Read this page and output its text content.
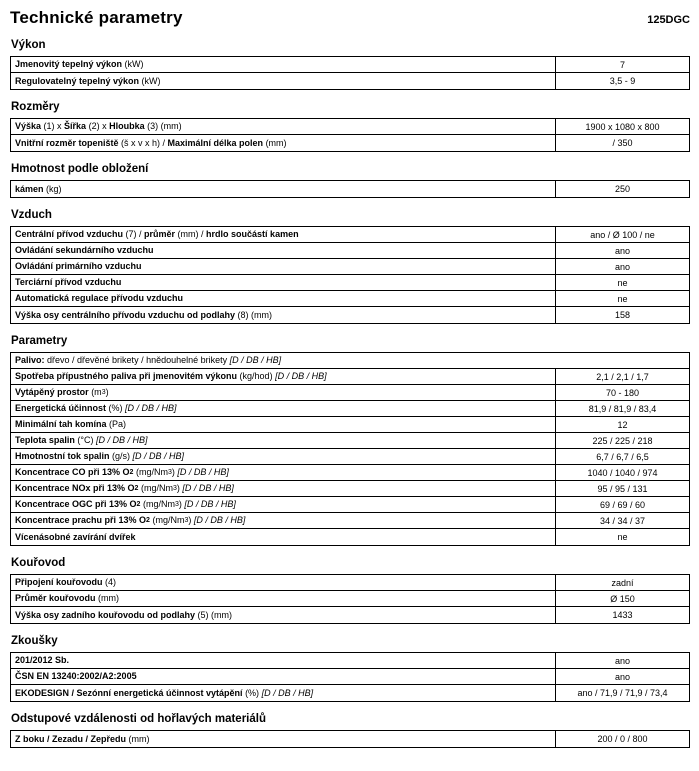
Technické parametry	125DGC
Výkon
Jmenovitý tepelný výkon (kW)	7
Regulovatelný tepelný výkon (kW)	3,5 - 9
Rozměry
Výška (1) x Šířka (2) x Hloubka (3) (mm)	1900 x 1080 x 800
Vnitřní rozměr topeniště (š x v x h) / Maximální délka polen (mm)	/ 350
Hmotnost podle obložení
kámen (kg)	250
Vzduch
Centrální přívod vzduchu (7) / průměr (mm) / hrdlo součástí kamen	ano / Ø 100 / ne
Ovládání sekundárního vzduchu	ano
Ovládání primárního vzduchu	ano
Terciární přívod vzduchu	ne
Automatická regulace přívodu vzduchu	ne
Výška osy centrálního přívodu vzduchu od podlahy (8) (mm)	158
Parametry
Palivo: dřevo / dřevěné brikety / hnědouhelné brikety [D / DB / HB]
Spotřeba přípustného paliva při jmenovitém výkonu (kg/hod) [D / DB / HB]	2,1 / 2,1 / 1,7
Vytápěný prostor (m 3 )	70 - 180
Energetická účinnost (%) [D / DB / HB]	81,9 / 81,9 / 83,4
Minimální tah komína (Pa)	12
Teplota spalin (°C) [D / DB / HB]	225 / 225 / 218
Hmotnostní tok spalin (g/s) [D / DB / HB]	6,7 / 6,7 / 6,5
Koncentrace CO při 13% O 2 (mg/Nm 3 ) [D / DB / HB]	1040 / 1040 / 974
Koncentrace NOx při 13% O 2 (mg/Nm 3 ) [D / DB / HB]	95 / 95 / 131
Koncentrace OGC při 13% O 2 (mg/Nm 3 ) [D / DB / HB]	69 / 69 / 60
Koncentrace prachu při 13% O 2 (mg/Nm 3 ) [D / DB / HB]	34 / 34 / 37
Vícenásobné zavírání dvířek	ne
Kouřovod
Připojení kouřovodu (4)	zadní
Průměr kouřovodu (mm)	Ø 150
Výška osy zadního kouřovodu od podlahy (5) (mm)	1433
Zkoušky
201/2012 Sb.	ano
ČSN EN 13240:2002/A2:2005	ano
EKODESIGN / Sezónní energetická účinnost vytápění (%) [D / DB / HB]	ano / 71,9 / 71,9 / 73,4
Odstupové vzdálenosti od hořlavých materiálů
Z boku / Zezadu / Zepředu (mm)	200 / 0 / 800
